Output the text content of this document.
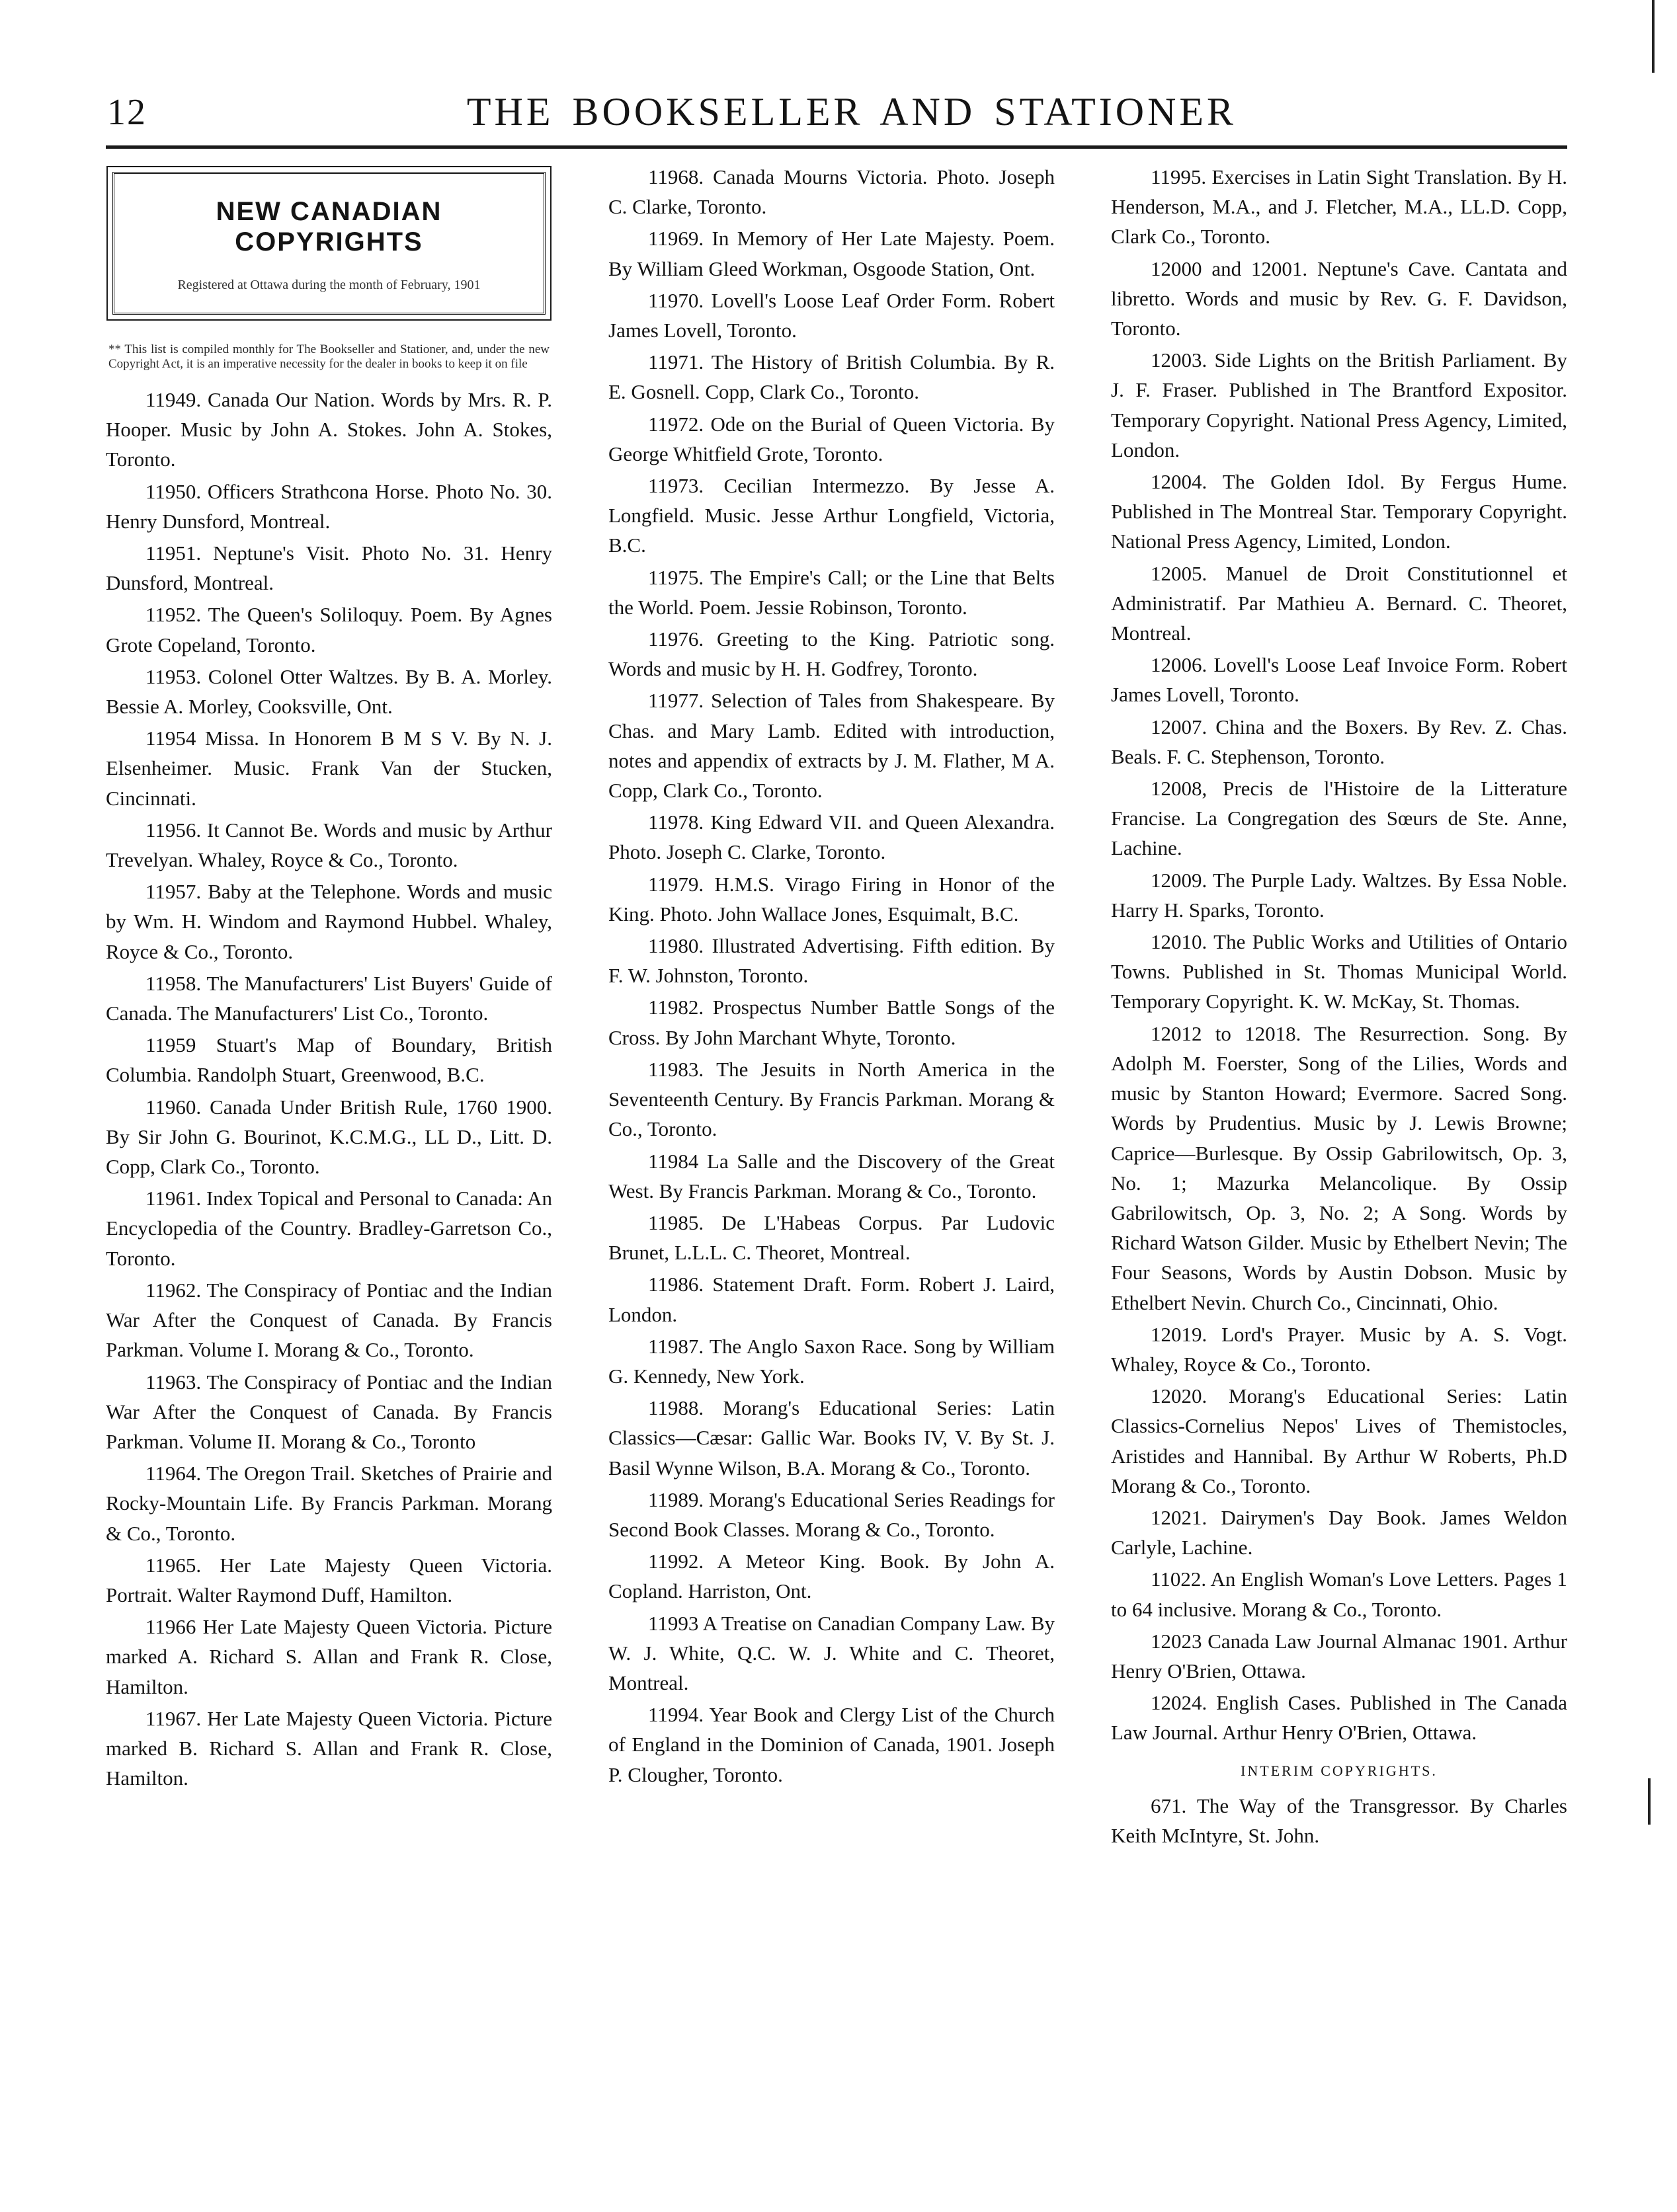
12	THE BOOKSELLER AND STATIONER
NEW CANADIAN COPYRIGHTS
Registered at Ottawa during the month of February, 1901
** This list is compiled monthly for The Bookseller and Stationer, and, under the new Copyright Act, it is an imperative necessity for the dealer in books to keep it on file

11949. Canada Our Nation. Words by Mrs. R. P. Hooper. Music by John A. Stokes. John A. Stokes, Toronto.

11950. Officers Strathcona Horse. Photo No. 30. Henry Dunsford, Montreal.

11951. Neptune's Visit. Photo No. 31. Henry Dunsford, Montreal.

11952. The Queen's Soliloquy. Poem. By Agnes Grote Copeland, Toronto.

11953. Colonel Otter Waltzes. By B. A. Morley. Bessie A. Morley, Cooksville, Ont.

11954 Missa. In Honorem B M S V. By N. J. Elsenheimer. Music. Frank Van der Stucken, Cincinnati.

11956. It Cannot Be. Words and music by Arthur Trevelyan. Whaley, Royce & Co., Toronto.

11957. Baby at the Telephone. Words and music by Wm. H. Windom and Raymond Hubbel. Whaley, Royce & Co., Toronto.

11958. The Manufacturers' List Buyers' Guide of Canada. The Manufacturers' List Co., Toronto.

11959 Stuart's Map of Boundary, British Columbia. Randolph Stuart, Greenwood, B.C.

11960. Canada Under British Rule, 1760 1900. By Sir John G. Bourinot, K.C.M.G., LL D., Litt. D. Copp, Clark Co., Toronto.

11961. Index Topical and Personal to Canada: An Encyclopedia of the Country. Bradley-Garretson Co., Toronto.

11962. The Conspiracy of Pontiac and the Indian War After the Conquest of Canada. By Francis Parkman. Volume I. Morang & Co., Toronto.

11963. The Conspiracy of Pontiac and the Indian War After the Conquest of Canada. By Francis Parkman. Volume II. Morang & Co., Toronto

11964. The Oregon Trail. Sketches of Prairie and Rocky-Mountain Life. By Francis Parkman. Morang & Co., Toronto.

11965. Her Late Majesty Queen Victoria. Portrait. Walter Raymond Duff, Hamilton.

11966 Her Late Majesty Queen Victoria. Picture marked A. Richard S. Allan and Frank R. Close, Hamilton.

11967. Her Late Majesty Queen Victoria. Picture marked B. Richard S. Allan and Frank R. Close, Hamilton.

11968. Canada Mourns Victoria. Photo. Joseph C. Clarke, Toronto.

11969. In Memory of Her Late Majesty. Poem. By William Gleed Workman, Osgoode Station, Ont.

11970. Lovell's Loose Leaf Order Form. Robert James Lovell, Toronto.

11971. The History of British Columbia. By R. E. Gosnell. Copp, Clark Co., Toronto.

11972. Ode on the Burial of Queen Victoria. By George Whitfield Grote, Toronto.

11973. Cecilian Intermezzo. By Jesse A. Longfield. Music. Jesse Arthur Longfield, Victoria, B.C.

11975. The Empire's Call; or the Line that Belts the World. Poem. Jessie Robinson, Toronto.

11976. Greeting to the King. Patriotic song. Words and music by H. H. Godfrey, Toronto.

11977. Selection of Tales from Shakespeare. By Chas. and Mary Lamb. Edited with introduction, notes and appendix of extracts by J. M. Flather, M A. Copp, Clark Co., Toronto.

11978. King Edward VII. and Queen Alexandra. Photo. Joseph C. Clarke, Toronto.

11979. H.M.S. Virago Firing in Honor of the King. Photo. John Wallace Jones, Esquimalt, B.C.

11980. Illustrated Advertising. Fifth edition. By F. W. Johnston, Toronto.

11982. Prospectus Number Battle Songs of the Cross. By John Marchant Whyte, Toronto.

11983. The Jesuits in North America in the Seventeenth Century. By Francis Parkman. Morang & Co., Toronto.

11984 La Salle and the Discovery of the Great West. By Francis Parkman. Morang & Co., Toronto.

11985. De L'Habeas Corpus. Par Ludovic Brunet, L.L.L. C. Theoret, Montreal.

11986. Statement Draft. Form. Robert J. Laird, London.

11987. The Anglo Saxon Race. Song by William G. Kennedy, New York.

11988. Morang's Educational Series: Latin Classics—Cæsar: Gallic War. Books IV, V. By St. J. Basil Wynne Wilson, B.A. Morang & Co., Toronto.

11989. Morang's Educational Series Readings for Second Book Classes. Morang & Co., Toronto.

11992. A Meteor King. Book. By John A. Copland. Harriston, Ont.

11993 A Treatise on Canadian Company Law. By W. J. White, Q.C. W. J. White and C. Theoret, Montreal.

11994. Year Book and Clergy List of the Church of England in the Dominion of Canada, 1901. Joseph P. Clougher, Toronto.

11995. Exercises in Latin Sight Translation. By H. Henderson, M.A., and J. Fletcher, M.A., LL.D. Copp, Clark Co., Toronto.

12000 and 12001. Neptune's Cave. Cantata and libretto. Words and music by Rev. G. F. Davidson, Toronto.

12003. Side Lights on the British Parliament. By J. F. Fraser. Published in The Brantford Expositor. Temporary Copyright. National Press Agency, Limited, London.

12004. The Golden Idol. By Fergus Hume. Published in The Montreal Star. Temporary Copyright. National Press Agency, Limited, London.

12005. Manuel de Droit Constitutionnel et Administratif. Par Mathieu A. Bernard. C. Theoret, Montreal.

12006. Lovell's Loose Leaf Invoice Form. Robert James Lovell, Toronto.

12007. China and the Boxers. By Rev. Z. Chas. Beals. F. C. Stephenson, Toronto.

12008, Precis de l'Histoire de la Litterature Francise. La Congregation des Sœurs de Ste. Anne, Lachine.

12009. The Purple Lady. Waltzes. By Essa Noble. Harry H. Sparks, Toronto.

12010. The Public Works and Utilities of Ontario Towns. Published in St. Thomas Municipal World. Temporary Copyright. K. W. McKay, St. Thomas.

12012 to 12018. The Resurrection. Song. By Adolph M. Foerster, Song of the Lilies, Words and music by Stanton Howard; Evermore. Sacred Song. Words by Prudentius. Music by J. Lewis Browne; Caprice—Burlesque. By Ossip Gabrilowitsch, Op. 3, No. 1; Mazurka Melancolique. By Ossip Gabrilowitsch, Op. 3, No. 2; A Song. Words by Richard Watson Gilder. Music by Ethelbert Nevin; The Four Seasons, Words by Austin Dobson. Music by Ethelbert Nevin. Church Co., Cincinnati, Ohio.

12019. Lord's Prayer. Music by A. S. Vogt. Whaley, Royce & Co., Toronto.

12020. Morang's Educational Series: Latin Classics-Cornelius Nepos' Lives of Themistocles, Aristides and Hannibal. By Arthur W Roberts, Ph.D Morang & Co., Toronto.

12021. Dairymen's Day Book. James Weldon Carlyle, Lachine.

11022. An English Woman's Love Letters. Pages 1 to 64 inclusive. Morang & Co., Toronto.

12023 Canada Law Journal Almanac 1901. Arthur Henry O'Brien, Ottawa.

12024. English Cases. Published in The Canada Law Journal. Arthur Henry O'Brien, Ottawa.

INTERIM COPYRIGHTS.

671. The Way of the Transgressor. By Charles Keith McIntyre, St. John.
